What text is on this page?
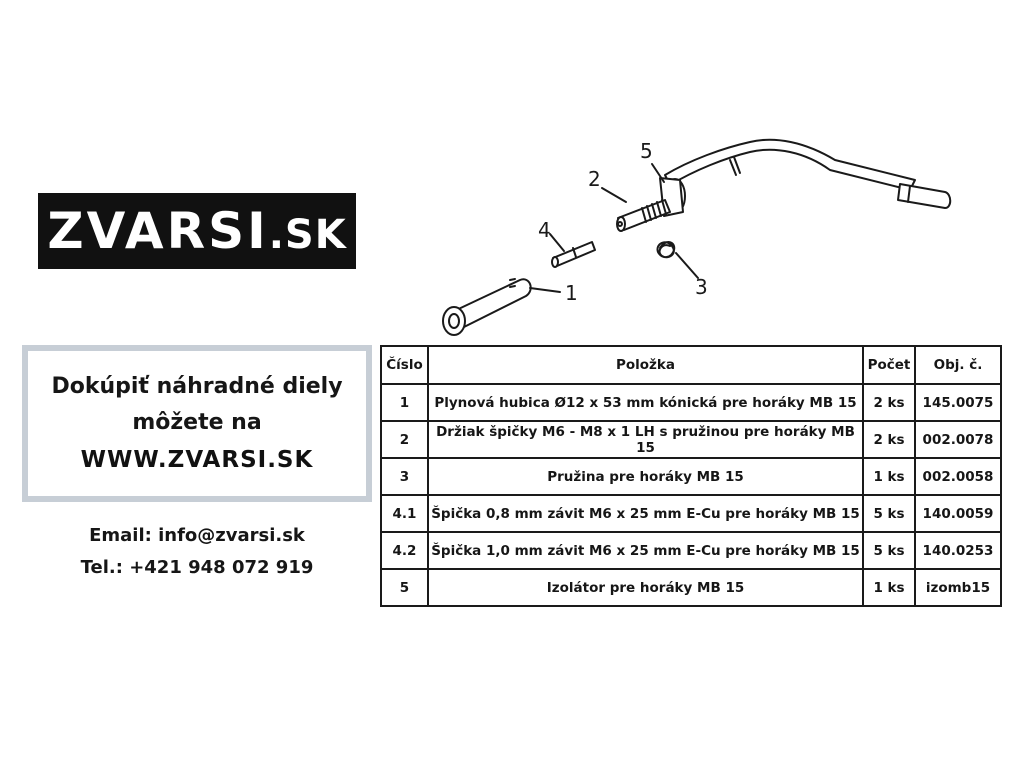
ZVARSI.SK
1
2
3
4
5
Dokúpiť náhradné diely
môžete na
WWW.ZVARSI.SK
Email: info@zvarsi.sk
Tel.: +421 948 072 919
Číslo	Položka	Počet	Obj. č.
1	Plynová hubica Ø12 x 53 mm kónická pre horáky MB 15	2 ks	145.0075
2	Držiak špičky M6 - M8 x 1 LH s pružinou pre horáky MB 15	2 ks	002.0078
3	Pružina pre horáky MB 15	1 ks	002.0058
4.1	Špička 0,8 mm závit M6 x 25 mm E-Cu pre horáky MB 15	5 ks	140.0059
4.2	Špička 1,0 mm závit M6 x 25 mm E-Cu pre horáky MB 15	5 ks	140.0253
5	Izolátor pre horáky MB 15	1 ks	izomb15
